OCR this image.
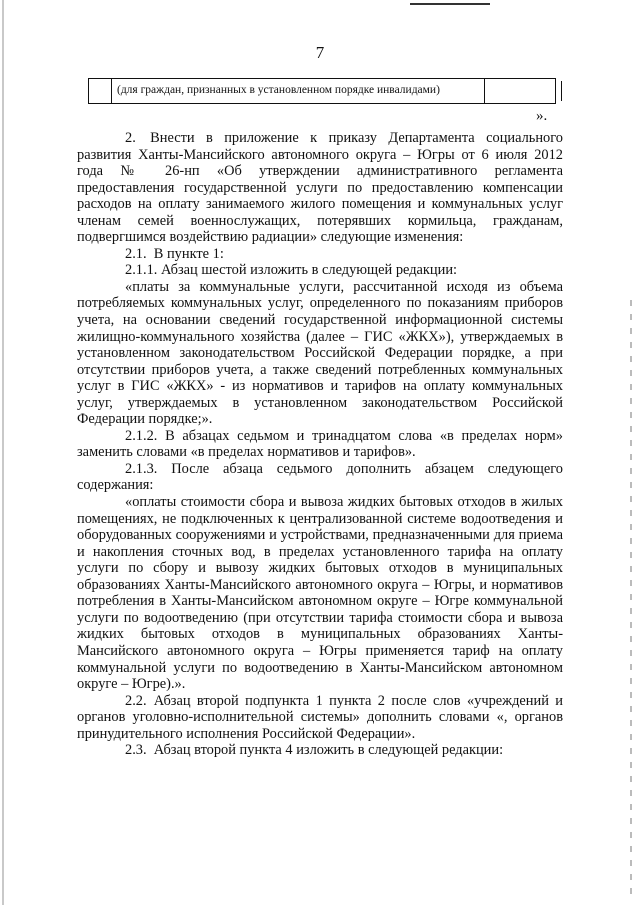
7
(для граждан, признанных в установленном порядке инвалидами)
».

2. Внести в приложение к приказу Департамента социального развития Ханты-Мансийского автономного округа – Югры от 6 июля 2012 года № 26-нп «Об утверждении административного регламента предоставления государственной услуги по предоставлению компенсации расходов на оплату занимаемого жилого помещения и коммунальных услуг членам семей военнослужащих, потерявших кормильца, гражданам, подвергшимся воздействию радиации» следующие изменения:

2.1. В пункте 1:

2.1.1. Абзац шестой изложить в следующей редакции:

«платы за коммунальные услуги, рассчитанной исходя из объема потребляемых коммунальных услуг, определенного по показаниям приборов учета, на основании сведений государственной информационной системы жилищно-коммунального хозяйства (далее – ГИС «ЖКХ»), утверждаемых в установленном законодательством Российской Федерации порядке, а при отсутствии приборов учета, а также сведений потребленных коммунальных услуг в ГИС «ЖКХ» - из нормативов и тарифов на оплату коммунальных услуг, утверждаемых в установленном законодательством Российской Федерации порядке;».

2.1.2. В абзацах седьмом и тринадцатом слова «в пределах норм» заменить словами «в пределах нормативов и тарифов».

2.1.3. После абзаца седьмого дополнить абзацем следующего содержания:

«оплаты стоимости сбора и вывоза жидких бытовых отходов в жилых помещениях, не подключенных к централизованной системе водоотведения и оборудованных сооружениями и устройствами, предназначенными для приема и накопления сточных вод, в пределах установленного тарифа на оплату услуги по сбору и вывозу жидких бытовых отходов в муниципальных образованиях Ханты-Мансийского автономного округа – Югры, и нормативов потребления в Ханты-Мансийском автономном округе – Югре коммунальной услуги по водоотведению (при отсутствии тарифа стоимости сбора и вывоза жидких бытовых отходов в муниципальных образованиях Ханты-Мансийского автономного округа – Югры применяется тариф на оплату коммунальной услуги по водоотведению в Ханты-Мансийском автономном округе – Югре).».

2.2. Абзац второй подпункта 1 пункта 2 после слов «учреждений и органов уголовно-исполнительной системы» дополнить словами «, органов принудительного исполнения Российской Федерации».

2.3. Абзац второй пункта 4 изложить в следующей редакции:
